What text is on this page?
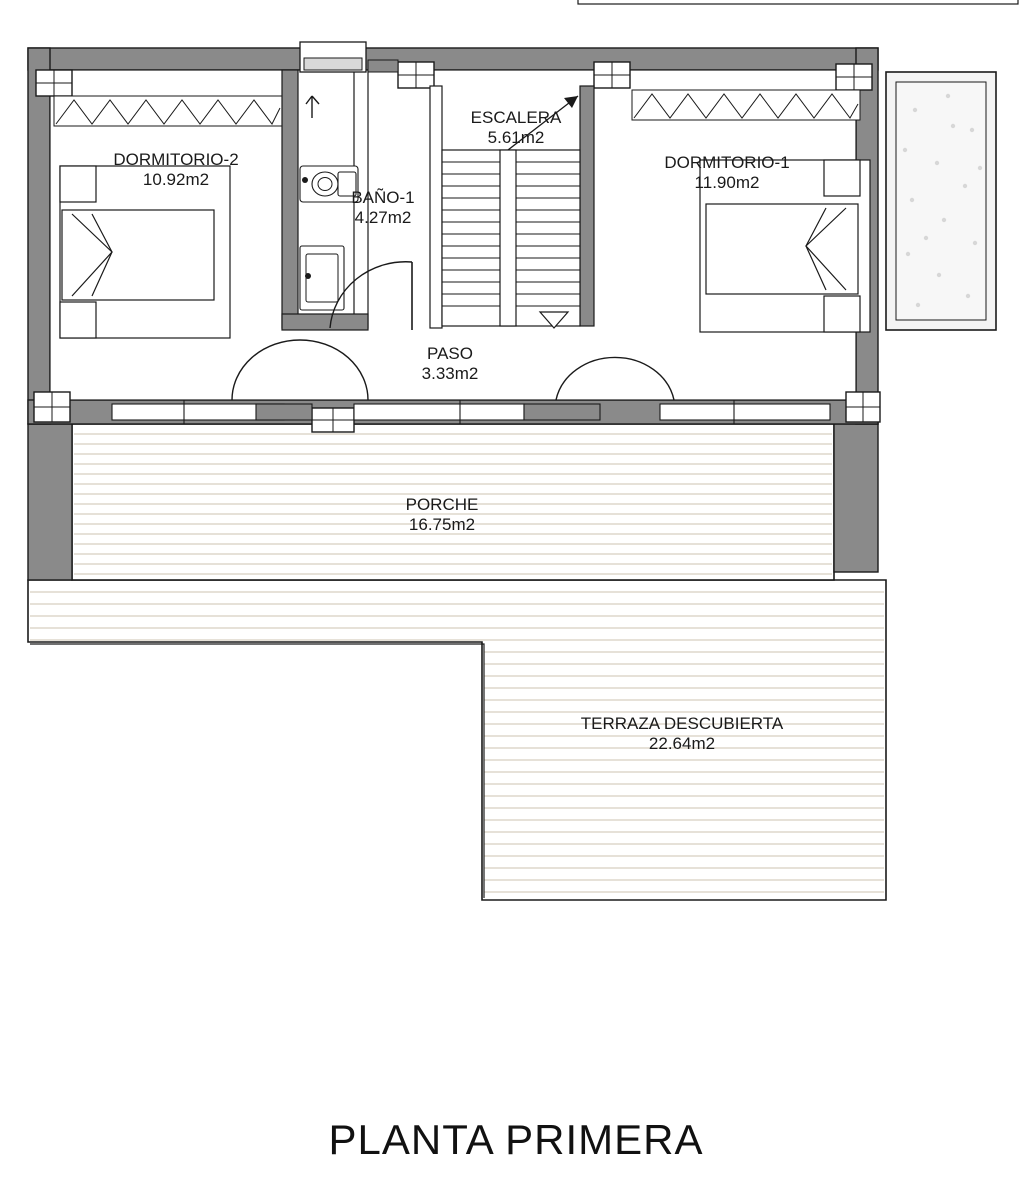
DORMITORIO-2
10.92m2
BAÑO-1
4.27m2
ESCALERA
5.61m2
DORMITORIO-1
11.90m2
PASO
3.33m2
PORCHE
16.75m2
TERRAZA DESCUBIERTA
22.64m2
PLANTA PRIMERA
